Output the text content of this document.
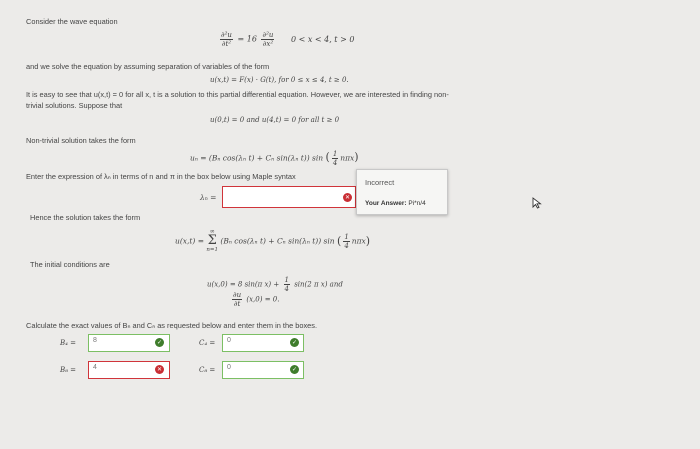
Consider the wave equation
$\frac{\text{∂²u}}{\text{∂t²}} = 16 \frac{\text{∂²u}}{\text{∂x²}} 0 < x < 4$, t > 0
and we solve the equation by assuming separation of variables of the form
u(x,t) = F(x) · G(t), for 0 ≤ x ≤ 4, t ≥ 0.
It is easy to see that u(x,t) = 0 for all x, t is a solution to this partial differential equation. However, we are interested in finding non-
trivial solutions. Suppose that
u(0,t) = 0 and u(4,t) = 0 for all t ≥ 0
Non-trivial solution takes the form
uₙ = (Bₙ cos(λₙ t) + Cₙ sin(λₙ t)) sin ( $\frac{1}{4} n\pi x$)
Enter the expression of λₙ in terms of n and π in the box below using Maple syntax
λₙ =	✕
Incorrect
Your Answer: Pi*n/4
Hence the solution takes the form
u(x,t) =
∞
Σ
n=1
(Bₙ cos(λₙ t) + Cₙ sin(λₙ t)) sin ( $\frac{1}{4} n\pi x$)
The initial conditions are
u(x,0) = 8 sin(π $x) + \frac{1}{4} \sin(2$ π x) and
$\frac{\partial u}{\partial t} (x,0) = 0$.
Calculate the exact values of Bₙ and Cₙ as requested below and enter them in the boxes.
B₄ =	8	✓	C₄ =	0	✓
B₈ =	4	✕	C₈ =	0	✓
